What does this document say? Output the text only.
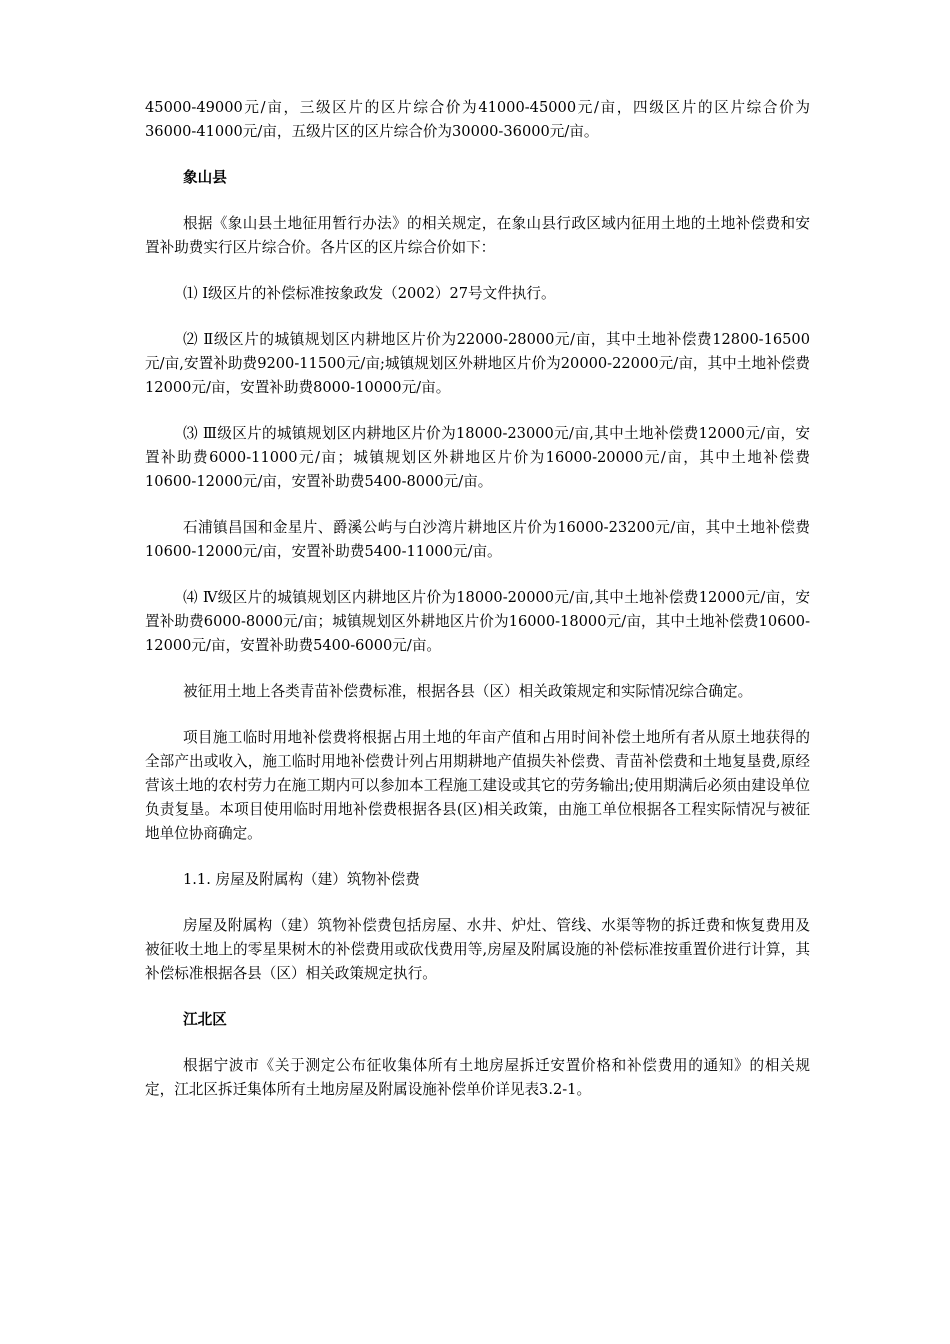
45000-49000元/亩，三级区片的区片综合价为41000-45000元/亩，四级区片的区片综合价为36000-41000元/亩，五级片区的区片综合价为30000-36000元/亩。

象山县

根据《象山县土地征用暂行办法》的相关规定，在象山县行政区域内征用土地的土地补偿费和安置补助费实行区片综合价。各片区的区片综合价如下：

⑴ Ⅰ级区片的补偿标准按象政发（2002）27号文件执行。

⑵ Ⅱ级区片的城镇规划区内耕地区片价为22000-28000元/亩，其中土地补偿费12800-16500元/亩,安置补助费9200-11500元/亩;城镇规划区外耕地区片价为20000-22000元/亩，其中土地补偿费12000元/亩，安置补助费8000-10000元/亩。

⑶ Ⅲ级区片的城镇规划区内耕地区片价为18000-23000元/亩,其中土地补偿费12000元/亩，安置补助费6000-11000元/亩；城镇规划区外耕地区片价为16000-20000元/亩，其中土地补偿费10600-12000元/亩，安置补助费5400-8000元/亩。

石浦镇昌国和金星片、爵溪公屿与白沙湾片耕地区片价为16000-23200元/亩，其中土地补偿费10600-12000元/亩，安置补助费5400-11000元/亩。

⑷ Ⅳ级区片的城镇规划区内耕地区片价为18000-20000元/亩,其中土地补偿费12000元/亩，安置补助费6000-8000元/亩；城镇规划区外耕地区片价为16000-18000元/亩，其中土地补偿费10600-12000元/亩，安置补助费5400-6000元/亩。

被征用土地上各类青苗补偿费标准，根据各县（区）相关政策规定和实际情况综合确定。

项目施工临时用地补偿费将根据占用土地的年亩产值和占用时间补偿土地所有者从原土地获得的全部产出或收入，施工临时用地补偿费计列占用期耕地产值损失补偿费、青苗补偿费和土地复垦费,原经营该土地的农村劳力在施工期内可以参加本工程施工建设或其它的劳务输出;使用期满后必须由建设单位负责复垦。本项目使用临时用地补偿费根据各县(区)相关政策，由施工单位根据各工程实际情况与被征地单位协商确定。

1.1. 房屋及附属构（建）筑物补偿费

房屋及附属构（建）筑物补偿费包括房屋、水井、炉灶、管线、水渠等物的拆迁费和恢复费用及被征收土地上的零星果树木的补偿费用或砍伐费用等,房屋及附属设施的补偿标准按重置价进行计算，其补偿标准根据各县（区）相关政策规定执行。

江北区

根据宁波市《关于测定公布征收集体所有土地房屋拆迁安置价格和补偿费用的通知》的相关规定，江北区拆迁集体所有土地房屋及附属设施补偿单价详见表3.2-1。
